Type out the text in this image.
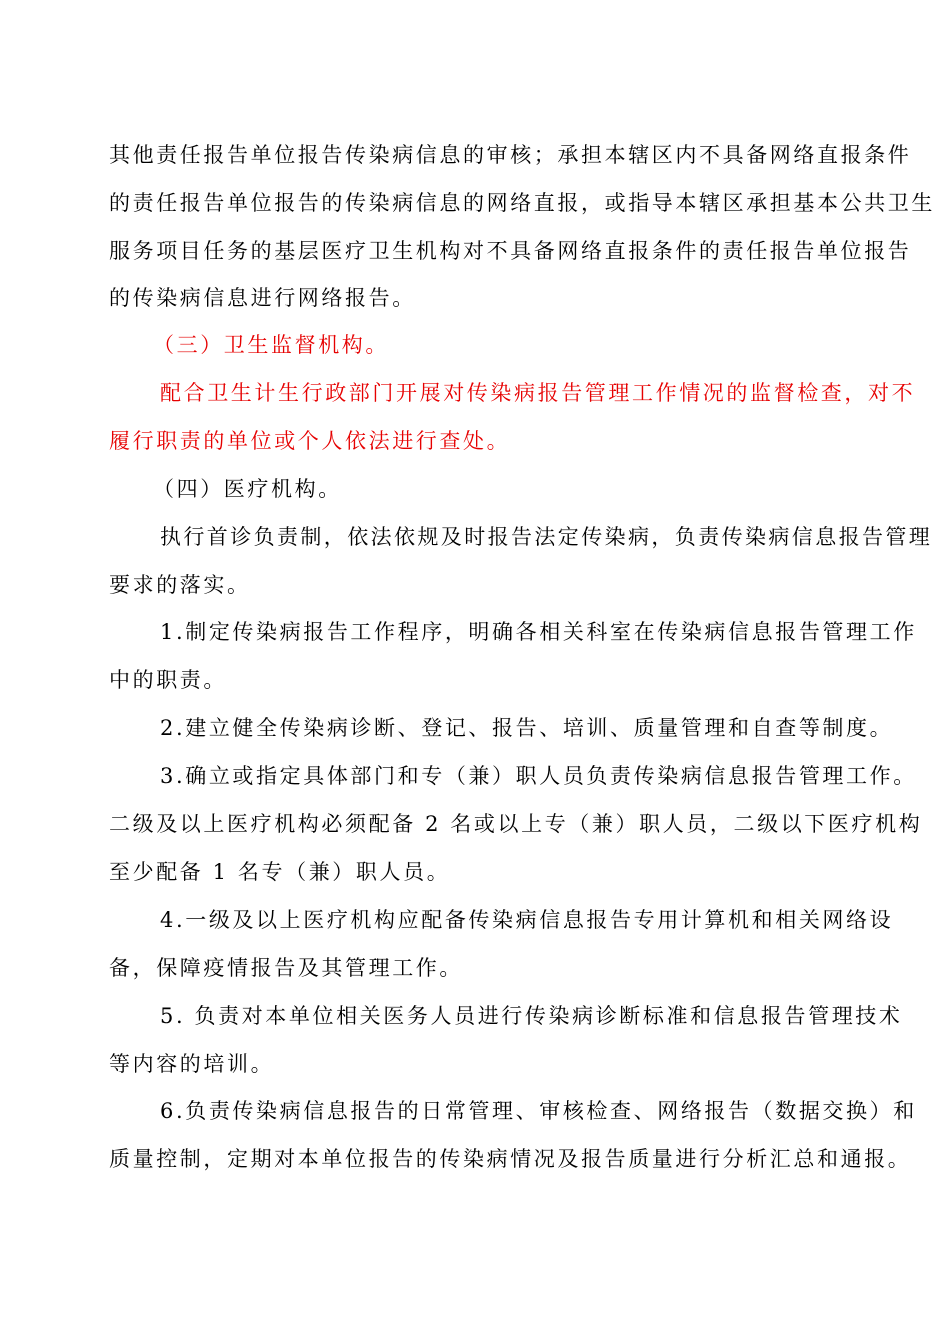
其他责任报告单位报告传染病信息的审核；承担本辖区内不具备网络直报条件
的责任报告单位报告的传染病信息的网络直报，或指导本辖区承担基本公共卫生
服务项目任务的基层医疗卫生机构对不具备网络直报条件的责任报告单位报告
的传染病信息进行网络报告。
（三）卫生监督机构。
配合卫生计生行政部门开展对传染病报告管理工作情况的监督检查，对不
履行职责的单位或个人依法进行查处。
（四）医疗机构。
执行首诊负责制，依法依规及时报告法定传染病，负责传染病信息报告管理
要求的落实。
1.制定传染病报告工作程序，明确各相关科室在传染病信息报告管理工作
中的职责。
2.建立健全传染病诊断、登记、报告、培训、质量管理和自查等制度。
3.确立或指定具体部门和专（兼）职人员负责传染病信息报告管理工作。
二级及以上医疗机构必须配备 2 名或以上专（兼）职人员，二级以下医疗机构
至少配备 1 名专（兼）职人员。
4.一级及以上医疗机构应配备传染病信息报告专用计算机和相关网络设
备，保障疫情报告及其管理工作。
5. 负责对本单位相关医务人员进行传染病诊断标准和信息报告管理技术
等内容的培训。
6.负责传染病信息报告的日常管理、审核检查、网络报告（数据交换）和
质量控制，定期对本单位报告的传染病情况及报告质量进行分析汇总和通报。
